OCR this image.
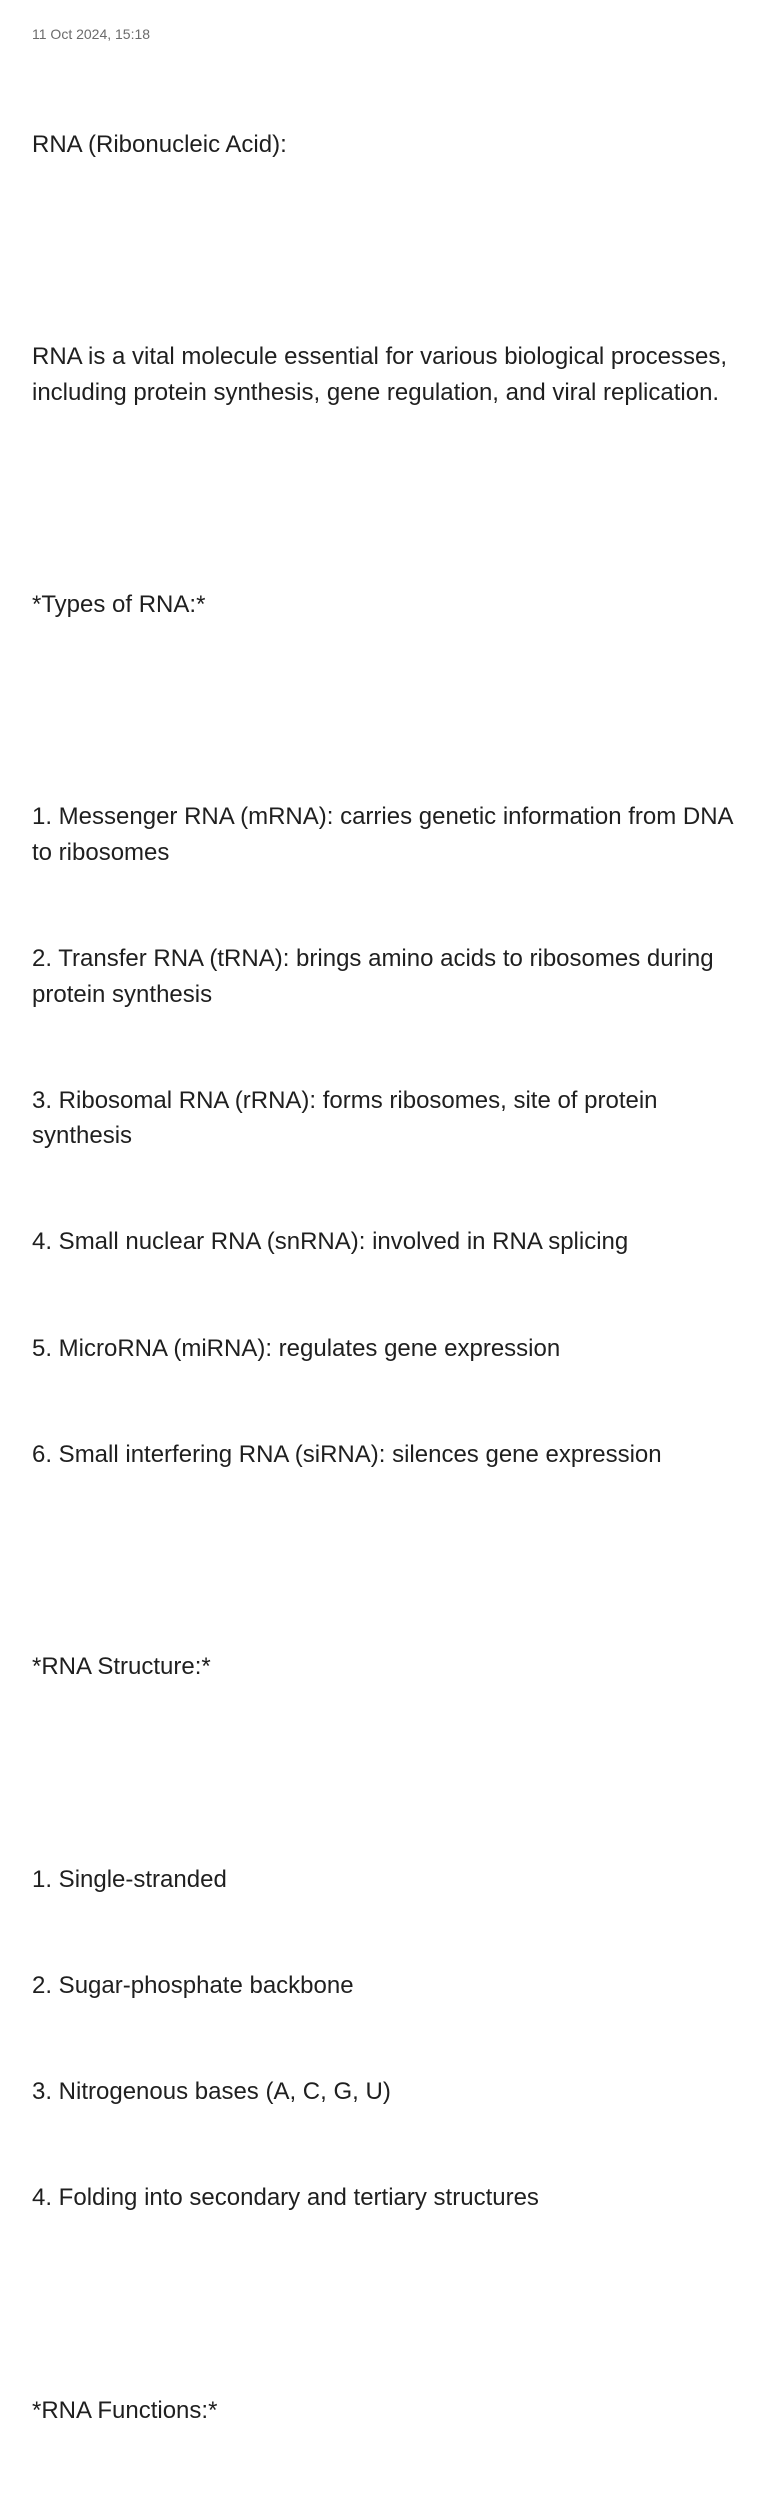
11 Oct 2024, 15:18

RNA (Ribonucleic Acid):

RNA is a vital molecule essential for various biological processes, including protein synthesis, gene regulation, and viral replication.

*Types of RNA:*

1. Messenger RNA (mRNA): carries genetic information from DNA to ribosomes

2. Transfer RNA (tRNA): brings amino acids to ribosomes during protein synthesis

3. Ribosomal RNA (rRNA): forms ribosomes, site of protein synthesis

4. Small nuclear RNA (snRNA): involved in RNA splicing

5. MicroRNA (miRNA): regulates gene expression

6. Small interfering RNA (siRNA): silences gene expression

*RNA Structure:*

1. Single-stranded

2. Sugar-phosphate backbone

3. Nitrogenous bases (A, C, G, U)

4. Folding into secondary and tertiary structures

*RNA Functions:*
